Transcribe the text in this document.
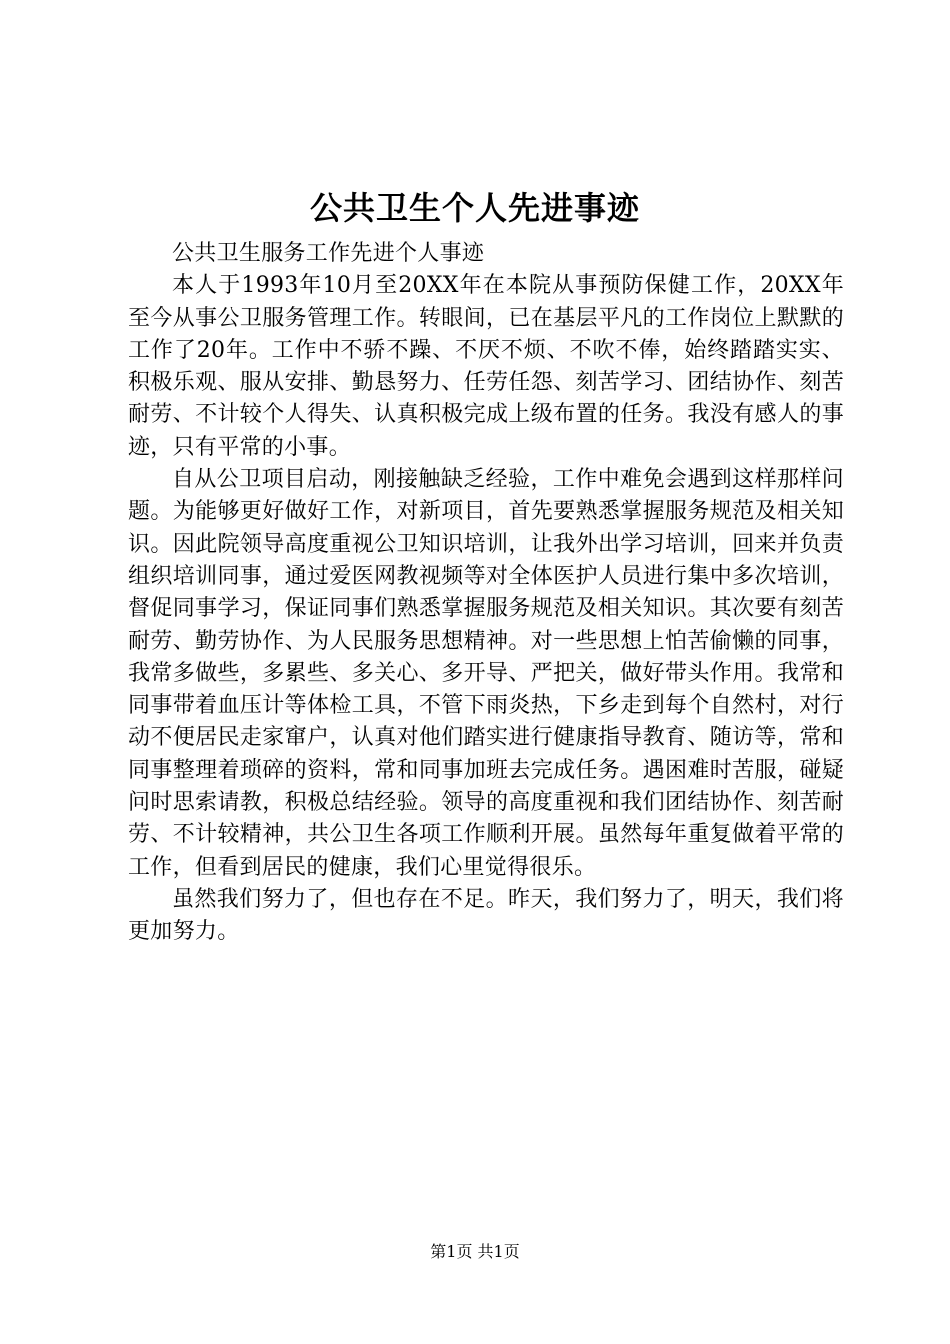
公共卫生个人先进事迹

公共卫生服务工作先进个人事迹

本人于1993年10月至20XX年在本院从事预防保健工作，20XX年至今从事公卫服务管理工作。转眼间，已在基层平凡的工作岗位上默默的工作了20年。工作中不骄不躁、不厌不烦、不吹不俸，始终踏踏实实、积极乐观、服从安排、勤恳努力、任劳任怨、刻苦学习、团结协作、刻苦耐劳、不计较个人得失、认真积极完成上级布置的任务。我没有感人的事迹，只有平常的小事。

自从公卫项目启动，刚接触缺乏经验，工作中难免会遇到这样那样问题。为能够更好做好工作，对新项目，首先要熟悉掌握服务规范及相关知识。因此院领导高度重视公卫知识培训，让我外出学习培训，回来并负责组织培训同事，通过爱医网教视频等对全体医护人员进行集中多次培训，督促同事学习，保证同事们熟悉掌握服务规范及相关知识。其次要有刻苦耐劳、勤劳协作、为人民服务思想精神。对一些思想上怕苦偷懒的同事，我常多做些，多累些、多关心、多开导、严把关，做好带头作用。我常和同事带着血压计等体检工具，不管下雨炎热，下乡走到每个自然村，对行动不便居民走家窜户，认真对他们踏实进行健康指导教育、随访等，常和同事整理着琐碎的资料，常和同事加班去完成任务。遇困难时苦服，碰疑问时思索请教，积极总结经验。领导的高度重视和我们团结协作、刻苦耐劳、不计较精神，共公卫生各项工作顺利开展。虽然每年重复做着平常的工作，但看到居民的健康，我们心里觉得很乐。

虽然我们努力了，但也存在不足。昨天，我们努力了，明天，我们将更加努力。

第1页 共1页
